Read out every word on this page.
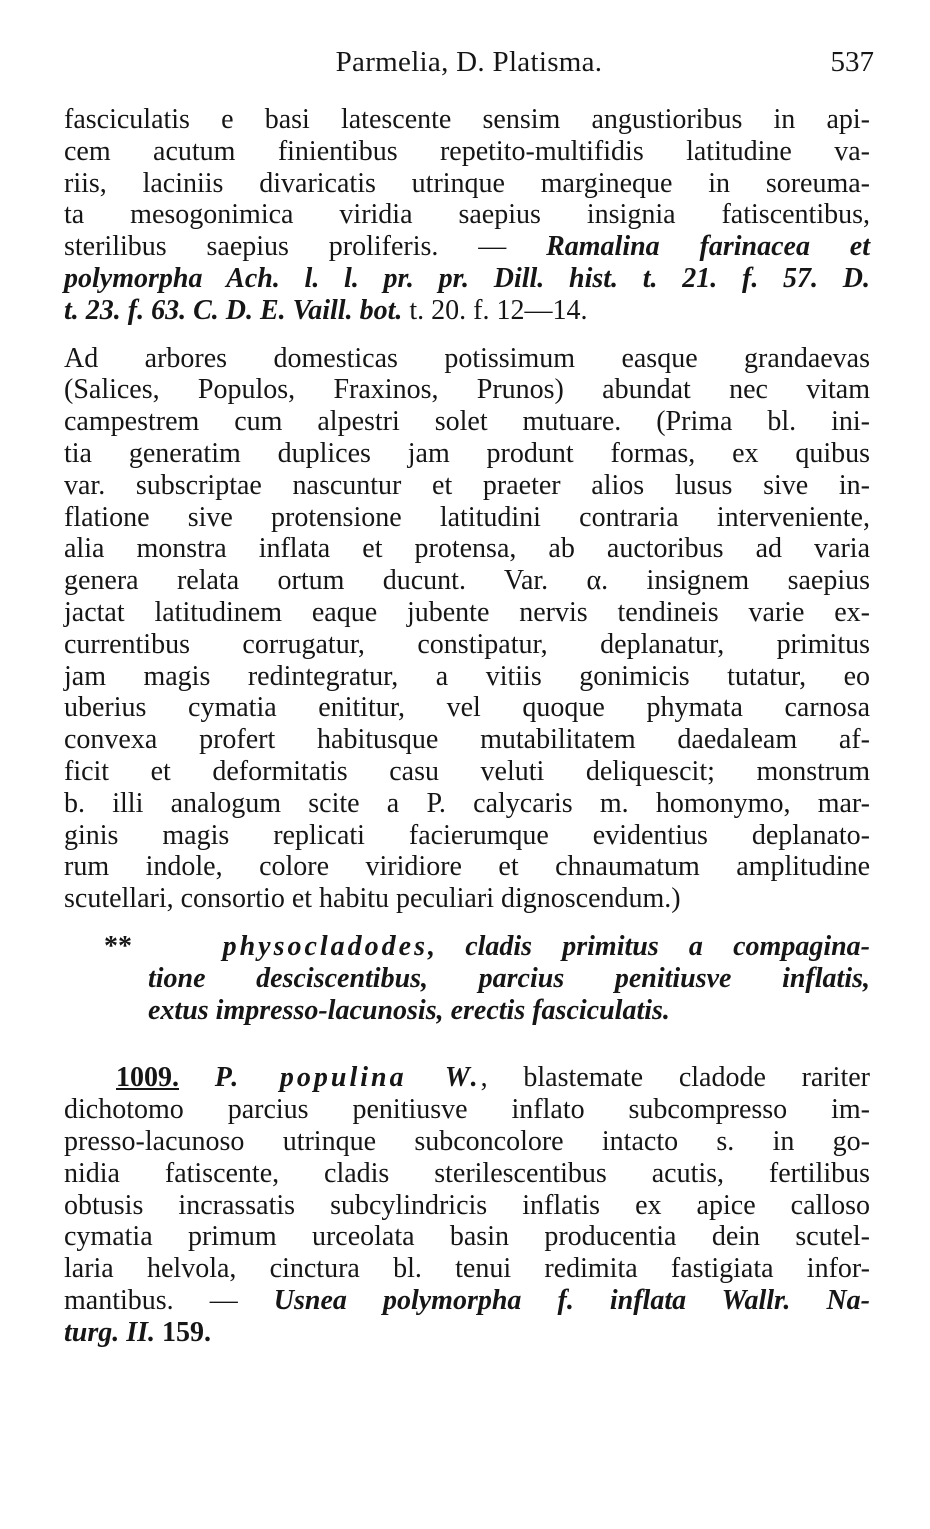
Parmelia, D. Platisma.	537
fasciculatis e basi latescente sensim angustioribus in api-
cem acutum finientibus repetito-multifidis latitudine va-
riis, laciniis divaricatis utrinque margineque in soreuma-
ta mesogonimica viridia saepius insignia fatiscentibus,
sterilibus saepius proliferis. — Ramalina farinacea et
polymorpha Ach. l. l. pr. pr. Dill. hist. t. 21. f. 57. D.
t. 23. f. 63. C. D. E. Vaill. bot. t. 20. f. 12—14.
Ad arbores domesticas potissimum easque grandaevas
(Salices, Populos, Fraxinos, Prunos) abundat nec vitam
campestrem cum alpestri solet mutuare. (Prima bl. ini-
tia generatim duplices jam produnt formas, ex quibus
var. subscriptae nascuntur et praeter alios lusus sive in-
flatione sive protensione latitudini contraria interveniente,
alia monstra inflata et protensa, ab auctoribus ad varia
genera relata ortum ducunt. Var. α. insignem saepius
jactat latitudinem eaque jubente nervis tendineis varie ex-
currentibus corrugatur, constipatur, deplanatur, primitus
jam magis redintegratur, a vitiis gonimicis tutatur, eo
uberius cymatia enititur, vel quoque phymata carnosa
convexa profert habitusque mutabilitatem daedaleam af-
ficit et deformitatis casu veluti deliquescit; monstrum
b. illi analogum scite a P. calycaris m. homonymo, mar-
ginis magis replicati facierumque evidentius deplanato-
rum indole, colore viridiore et chnaumatum amplitudine
scutellari, consortio et habitu peculiari dignoscendum.)
**	physocladodes, cladis primitus a compagina-
tione desciscentibus, parcius penitiusve inflatis,
extus impresso-lacunosis, erectis fasciculatis.
1009. P. populina W., blastemate cladode rariter
dichotomo parcius penitiusve inflato subcompresso im-
presso-lacunoso utrinque subconcolore intacto s. in go-
nidia fatiscente, cladis sterilescentibus acutis, fertilibus
obtusis incrassatis subcylindricis inflatis ex apice calloso
cymatia primum urceolata basin producentia dein scutel-
laria helvola, cinctura bl. tenui redimita fastigiata infor-
mantibus. — Usnea polymorpha f. inflata Wallr. Na-
turg. II. 159.
